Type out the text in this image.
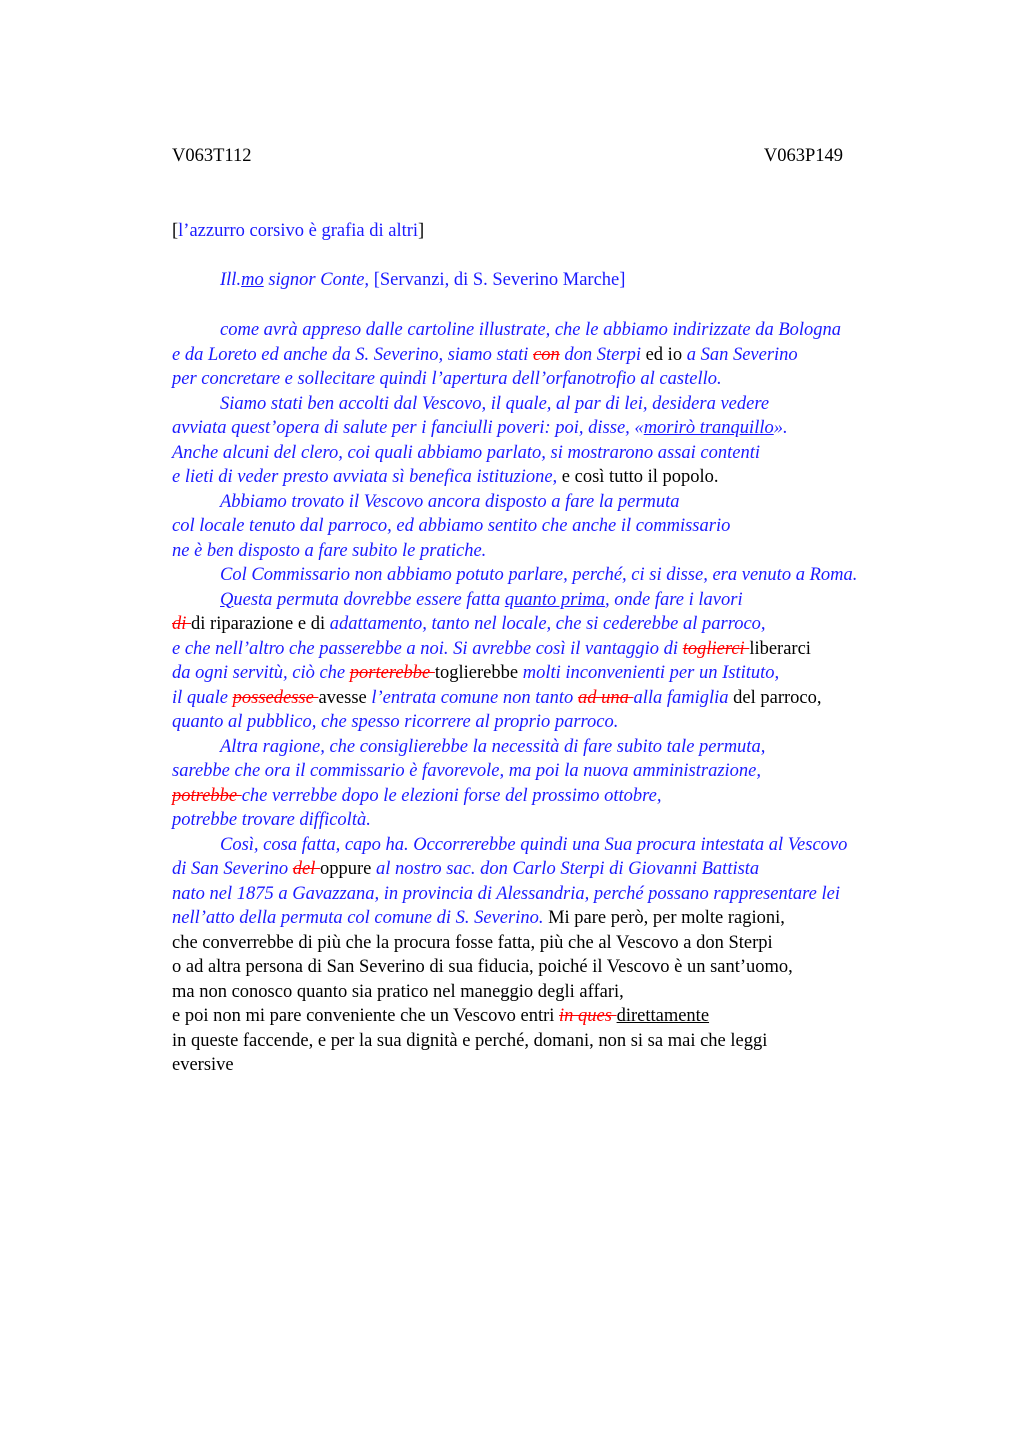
V063T112	V063P149
[l’azzurro corsivo è grafia di altri]
Ill.mo signor Conte, [Servanzi, di S. Severino Marche]
come avrà appreso dalle cartoline illustrate, che le abbiamo indirizzate da Bologna
e da Loreto ed anche da S. Severino, siamo stati con don Sterpi ed io a San Severino
per concretare e sollecitare quindi l’apertura dell’orfanotrofio al castello.
Siamo stati ben accolti dal Vescovo, il quale, al par di lei, desidera vedere
avviata quest’opera di salute per i fanciulli poveri: poi, disse, «morirò tranquillo».
Anche alcuni del clero, coi quali abbiamo parlato, si mostrarono assai contenti
e lieti di veder presto avviata sì benefica istituzione, e così tutto il popolo.
Abbiamo trovato il Vescovo ancora disposto a fare la permuta
col locale tenuto dal parroco, ed abbiamo sentito che anche il commissario
ne è ben disposto a fare subito le pratiche.
Col Commissario non abbiamo potuto parlare, perché, ci si disse, era venuto a Roma.
Questa permuta dovrebbe essere fatta quanto prima, onde fare i lavori
di di riparazione e di adattamento, tanto nel locale, che si cederebbe al parroco,
e che nell’altro che passerebbe a noi. Si avrebbe così il vantaggio di toglierci liberarci
da ogni servitù, ciò che porterebbe toglierebbe molti inconvenienti per un Istituto,
il quale possedesse avesse l’entrata comune non tanto ad una alla famiglia del parroco,
quanto al pubblico, che spesso ricorrere al proprio parroco.
Altra ragione, che consiglierebbe la necessità di fare subito tale permuta,
sarebbe che ora il commissario è favorevole, ma poi la nuova amministrazione,
potrebbe che verrebbe dopo le elezioni forse del prossimo ottobre,
potrebbe trovare difficoltà.
Così, cosa fatta, capo ha. Occorrerebbe quindi una Sua procura intestata al Vescovo
di San Severino del oppure al nostro sac. don Carlo Sterpi di Giovanni Battista
nato nel 1875 a Gavazzana, in provincia di Alessandria, perché possano rappresentare lei
nell’atto della permuta col comune di S. Severino. Mi pare però, per molte ragioni,
che converrebbe di più che la procura fosse fatta, più che al Vescovo a don Sterpi
o ad altra persona di San Severino di sua fiducia, poiché il Vescovo è un sant’uomo,
ma non conosco quanto sia pratico nel maneggio degli affari,
e poi non mi pare conveniente che un Vescovo entri in ques direttamente
in queste faccende, e per la sua dignità e perché, domani, non si sa mai che leggi
eversive
